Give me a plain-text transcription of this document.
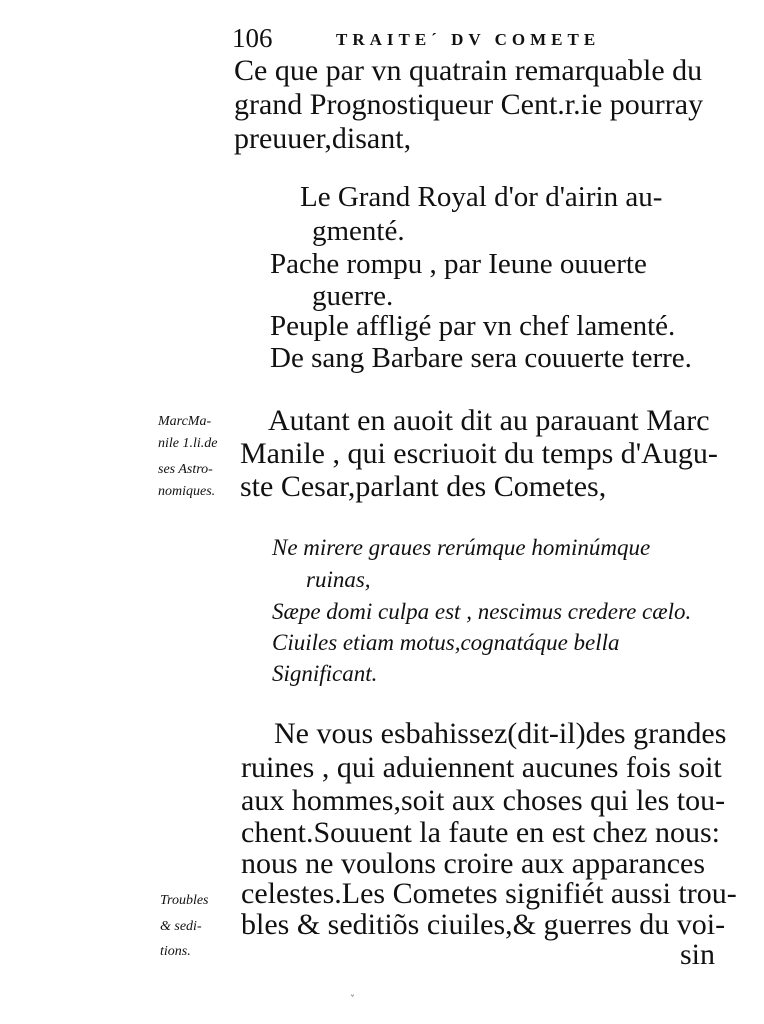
106	TRAITE´ DV COMETE
Ce que par vn quatrain remarquable du
grand Prognostiqueur Cent.r.ie pourray
preuuer,disant,
Le Grand Royal d'or d'airin au-
gmenté.
Pache rompu , par Ieune ouuerte
guerre.
Peuple affligé par vn chef lamenté.
De sang Barbare sera couuerte terre.
MarcMa-
nile 1.li.de
ses Astro-
nomiques.
Autant en auoit dit au parauant Marc
Manile , qui escriuoit du temps d'Augu-
ste Cesar,parlant des Cometes,
Ne mirere graues rerúmque hominúmque
ruinas,
Sæpe domi culpa est , nescimus credere cælo.
Ciuiles etiam motus,cognatáque bella
Significant.
Ne vous esbahissez(dit-il)des grandes
ruines , qui aduiennent aucunes fois soit
aux hommes,soit aux choses qui les tou-
chent.Souuent la faute en est chez nous:
nous ne voulons croire aux apparances
celestes.Les Cometes signifiét aussi trou-
bles & seditiõs ciuiles,& guerres du voi-
sin
Troubles
& sedi-
tions.
ˇ
